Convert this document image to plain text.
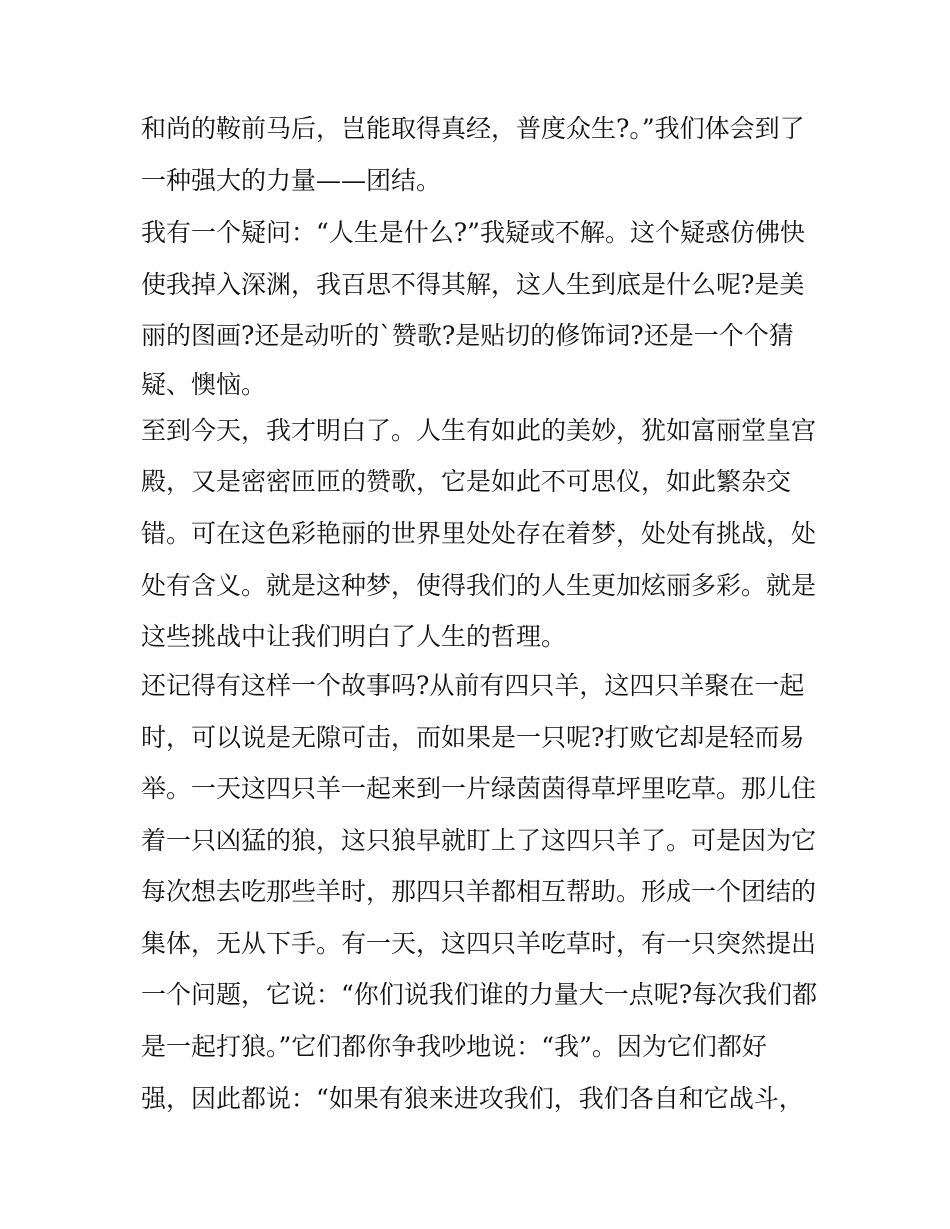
和尚的鞍前马后，岂能取得真经，普度众生?。”我们体会到了
一种强大的力量——团结。
我有一个疑问：“人生是什么?”我疑或不解。这个疑惑仿佛快
使我掉入深渊，我百思不得其解，这人生到底是什么呢?是美
丽的图画?还是动听的`赞歌?是贴切的修饰词?还是一个个猜
疑、懊恼。
至到今天，我才明白了。人生有如此的美妙，犹如富丽堂皇宫
殿，又是密密匝匝的赞歌，它是如此不可思仪，如此繁杂交
错。可在这色彩艳丽的世界里处处存在着梦，处处有挑战，处
处有含义。就是这种梦，使得我们的人生更加炫丽多彩。就是
这些挑战中让我们明白了人生的哲理。
还记得有这样一个故事吗?从前有四只羊，这四只羊聚在一起
时，可以说是无隙可击，而如果是一只呢?打败它却是轻而易
举。一天这四只羊一起来到一片绿茵茵得草坪里吃草。那儿住
着一只凶猛的狼，这只狼早就盯上了这四只羊了。可是因为它
每次想去吃那些羊时，那四只羊都相互帮助。形成一个团结的
集体，无从下手。有一天，这四只羊吃草时，有一只突然提出
一个问题，它说：“你们说我们谁的力量大一点呢?每次我们都
是一起打狼。”它们都你争我吵地说：“我”。因为它们都好
强，因此都说：“如果有狼来进攻我们，我们各自和它战斗，
